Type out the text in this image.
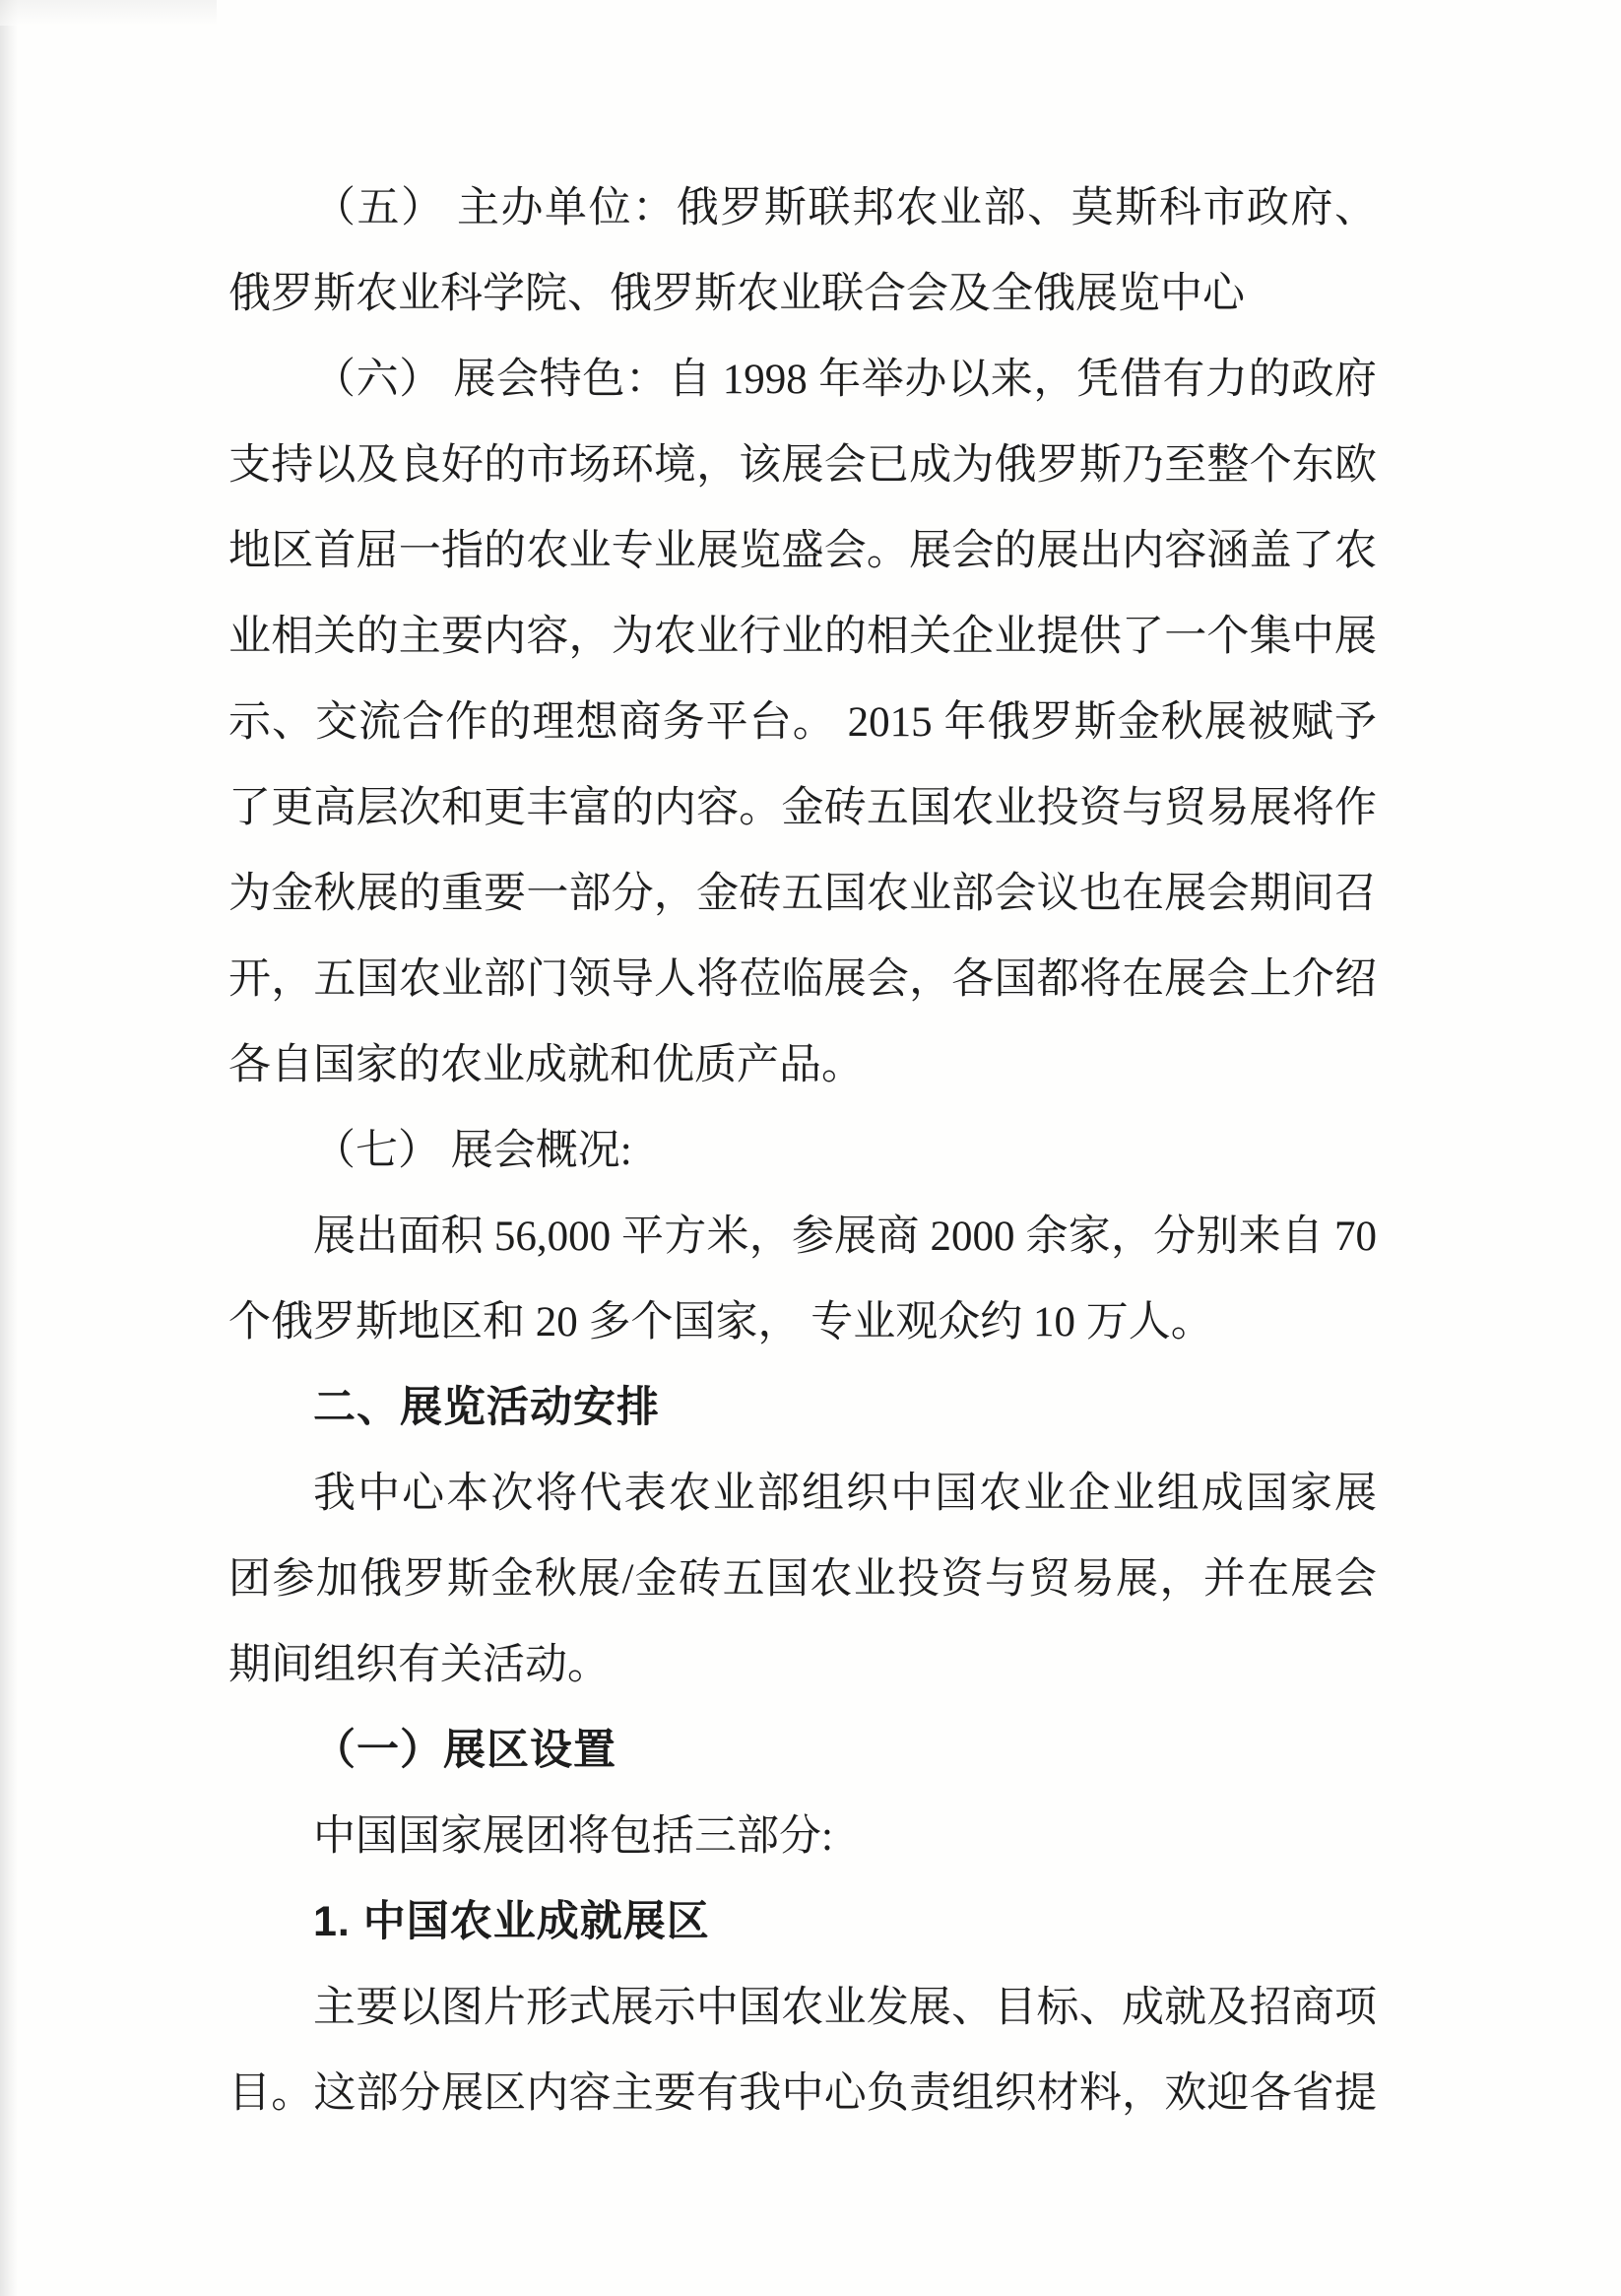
（五） 主办单位：俄罗斯联邦农业部、莫斯科市政府、
俄罗斯农业科学院、俄罗斯农业联合会及全俄展览中心
（六） 展会特色：自 1998 年举办以来，凭借有力的政府
支持以及良好的市场环境，该展会已成为俄罗斯乃至整个东欧
地区首屈一指的农业专业展览盛会。展会的展出内容涵盖了农
业相关的主要内容，为农业行业的相关企业提供了一个集中展
示、交流合作的理想商务平台。 2015 年俄罗斯金秋展被赋予
了更高层次和更丰富的内容。金砖五国农业投资与贸易展将作
为金秋展的重要一部分，金砖五国农业部会议也在展会期间召
开，五国农业部门领导人将莅临展会，各国都将在展会上介绍
各自国家的农业成就和优质产品。
（七） 展会概况:
展出面积 56,000 平方米，参展商 2000 余家，分别来自 70
个俄罗斯地区和 20 多个国家， 专业观众约 10 万人。
二、展览活动安排
我中心本次将代表农业部组织中国农业企业组成国家展
团参加俄罗斯金秋展/金砖五国农业投资与贸易展，并在展会
期间组织有关活动。
（一）展区设置
中国国家展团将包括三部分:
1. 中国农业成就展区
主要以图片形式展示中国农业发展、目标、成就及招商项
目。这部分展区内容主要有我中心负责组织材料，欢迎各省提
